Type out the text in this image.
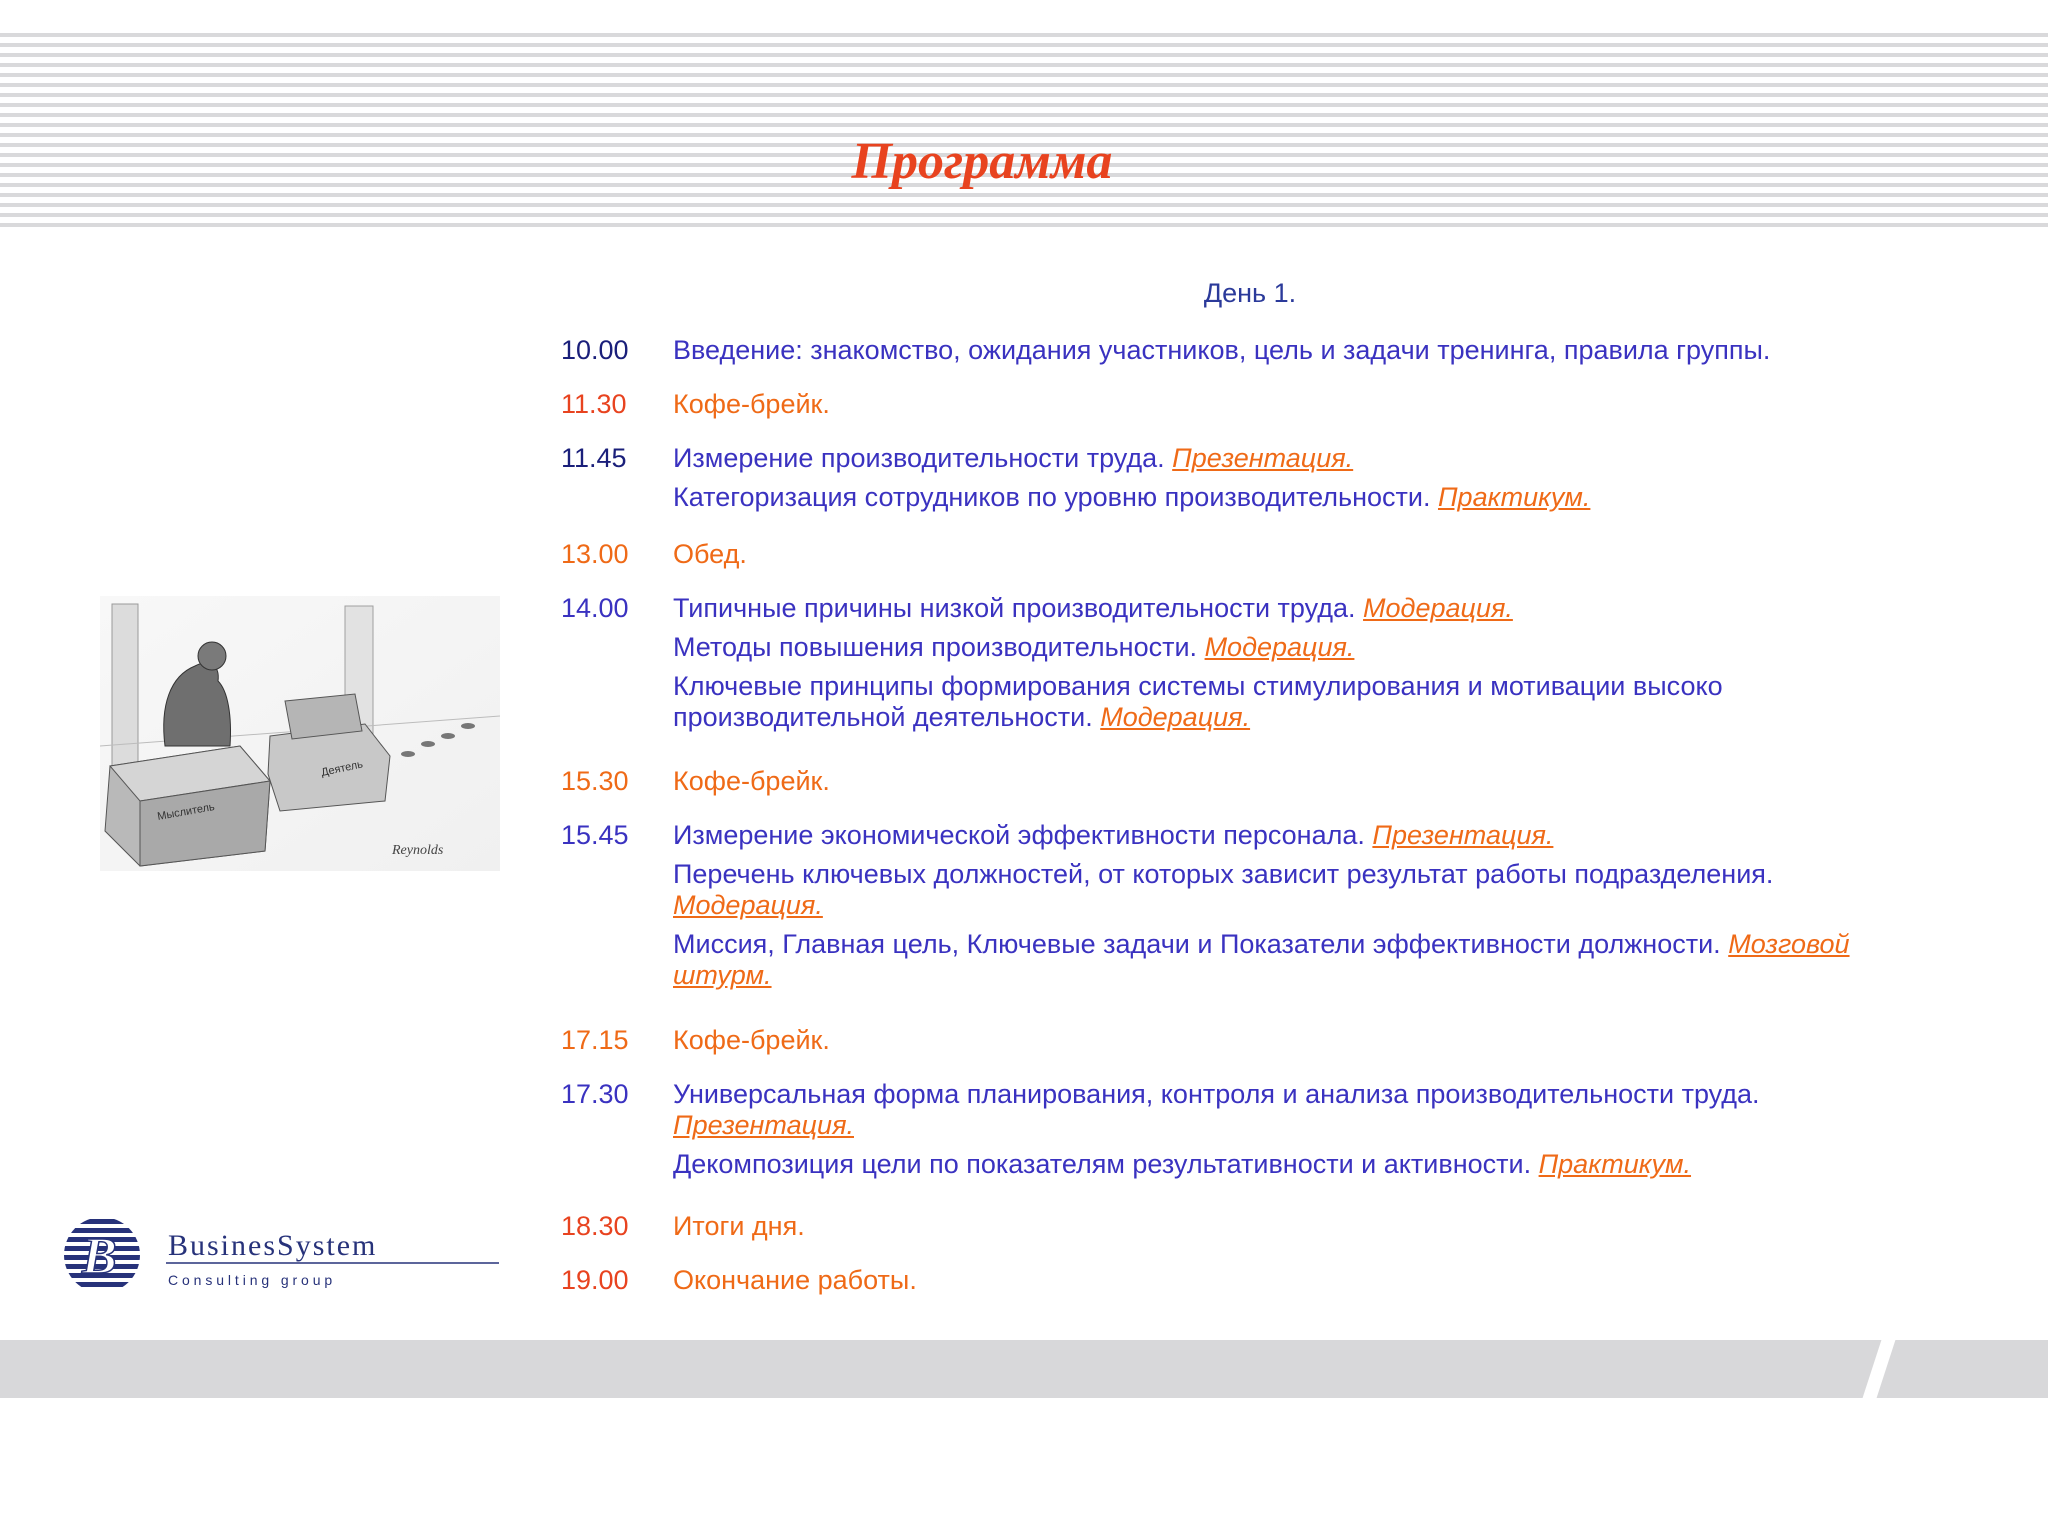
Программа
День 1.
Мыслитель
Деятель
Reynolds
B BusinesSystem
C o n s u l t i n g   g r o u p
10.00	Введение: знакомство, ожидания участников, цель и задачи тренинга, правила группы.

11.30	Кофе-брейк.

11.45	Измерение производительности труда. Презентация.

Категоризация сотрудников по уровню производительности. Практикум.

13.00	Обед.

14.00	Типичные причины низкой производительности труда. Модерация.

Методы повышения производительности. Модерация.

Ключевые принципы формирования системы стимулирования и мотивации высоко производительной деятельности. Модерация.

15.30	Кофе-брейк.

15.45	Измерение экономической эффективности персонала. Презентация.

Перечень ключевых должностей, от которых зависит результат работы подразделения. Модерация.

Миссия, Главная цель, Ключевые задачи и Показатели эффективности должности. Мозговой штурм.

17.15	Кофе-брейк.

17.30	Универсальная форма планирования, контроля и анализа производительности труда. Презентация.

Декомпозиция цели по показателям результативности и активности. Практикум.

18.30	Итоги дня.

19.00	Окончание работы.
